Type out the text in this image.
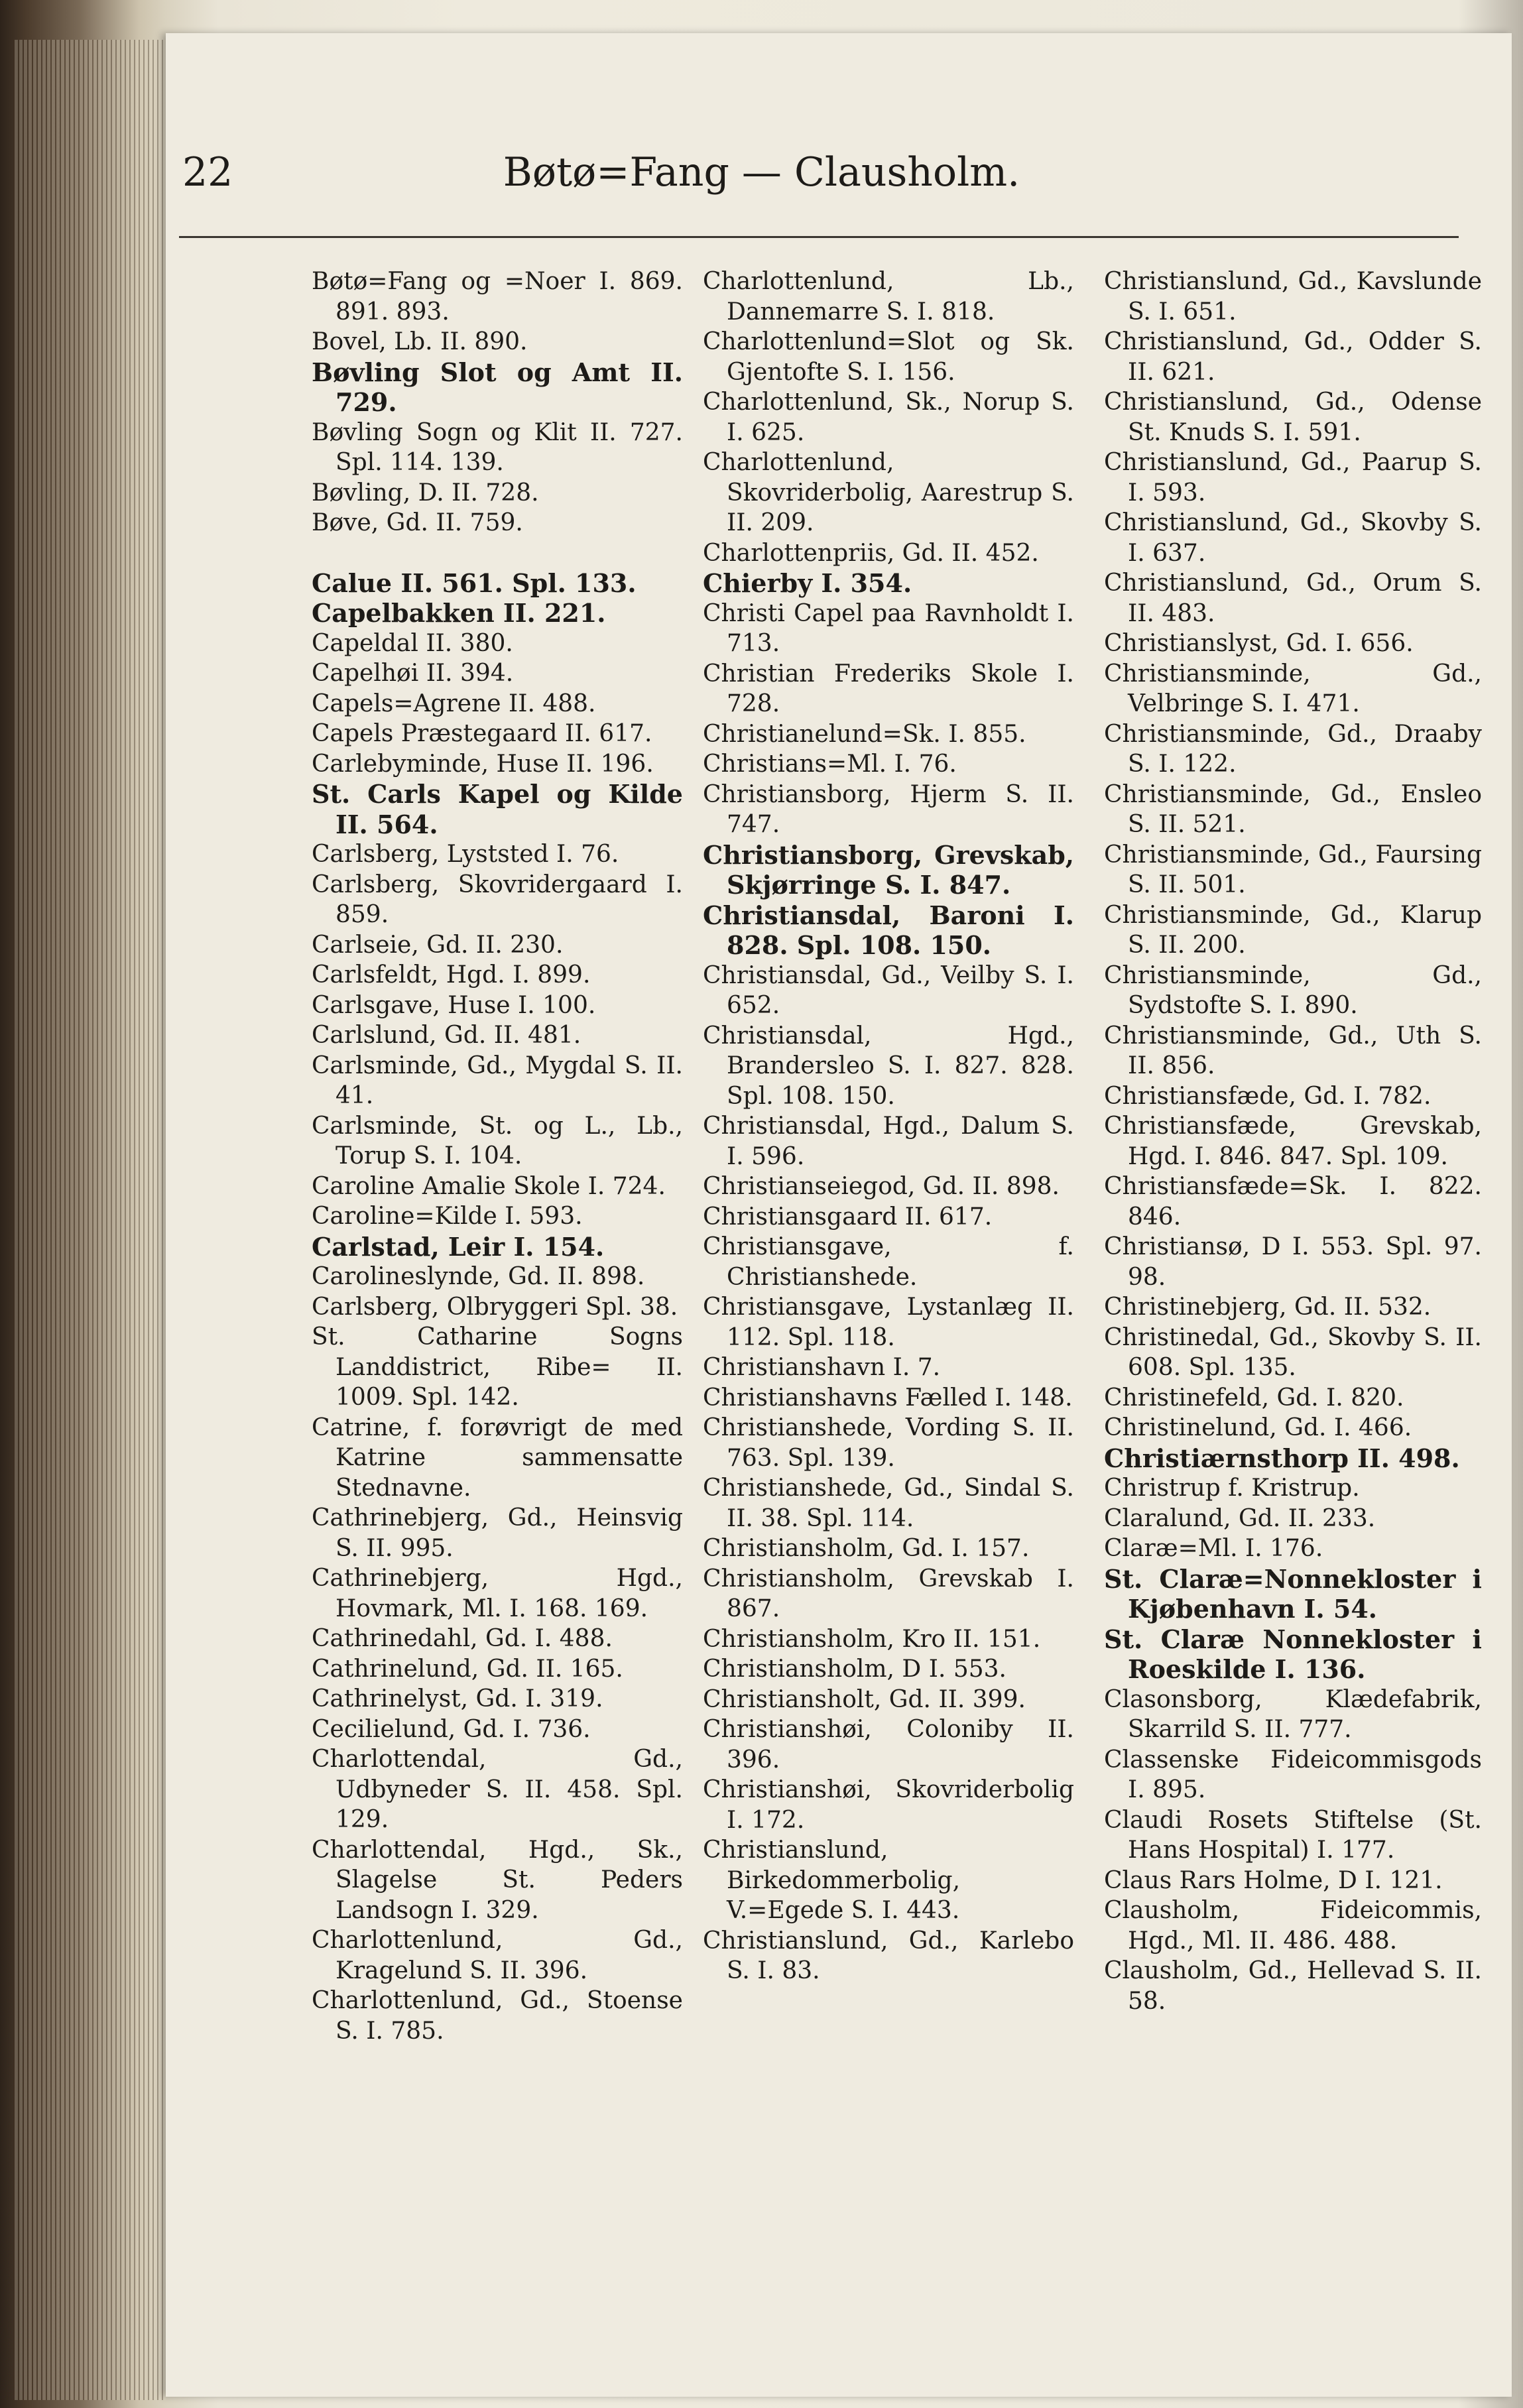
22	Bøtø=Fang — Clausholm.

Bøtø=Fang og =Noer I. 869. 891. 893.

Bovel, Lb. II. 890.

Bøvling Slot og Amt II. 729.

Bøvling Sogn og Klit II. 727. Spl. 114. 139.

Bøvling, D. II. 728.

Bøve, Gd. II. 759.

Calue II. 561. Spl. 133.

Capelbakken II. 221.

Capeldal II. 380.

Capelhøi II. 394.

Capels=Agrene II. 488.

Capels Præstegaard II. 617.

Carlebyminde, Huse II. 196.

St. Carls Kapel og Kilde II. 564.

Carlsberg, Lyststed I. 76.

Carlsberg, Skovridergaard I. 859.

Carlseie, Gd. II. 230.

Carlsfeldt, Hgd. I. 899.

Carlsgave, Huse I. 100.

Carlslund, Gd. II. 481.

Carlsminde, Gd., Mygdal S. II. 41.

Carlsminde, St. og L., Lb., Torup S. I. 104.

Caroline Amalie Skole I. 724.

Caroline=Kilde I. 593.

Carlstad, Leir I. 154.

Carolineslynde, Gd. II. 898.

Carlsberg, Olbryggeri Spl. 38.

St. Catharine Sogns Landdistrict, Ribe= II. 1009. Spl. 142.

Catrine, f. forøvrigt de med Katrine sammensatte Stednavne.

Cathrinebjerg, Gd., Heinsvig S. II. 995.

Cathrinebjerg, Hgd., Hovmark, Ml. I. 168. 169.

Cathrinedahl, Gd. I. 488.

Cathrinelund, Gd. II. 165.

Cathrinelyst, Gd. I. 319.

Cecilielund, Gd. I. 736.

Charlottendal, Gd., Udbyneder S. II. 458. Spl. 129.

Charlottendal, Hgd., Sk., Slagelse St. Peders Landsogn I. 329.

Charlottenlund, Gd., Kragelund S. II. 396.

Charlottenlund, Gd., Stoense S. I. 785.

Charlottenlund, Lb., Dannemarre S. I. 818.

Charlottenlund=Slot og Sk. Gjentofte S. I. 156.

Charlottenlund, Sk., Norup S. I. 625.

Charlottenlund, Skovriderbolig, Aarestrup S. II. 209.

Charlottenpriis, Gd. II. 452.

Chierby I. 354.

Christi Capel paa Ravnholdt I. 713.

Christian Frederiks Skole I. 728.

Christianelund=Sk. I. 855.

Christians=Ml. I. 76.

Christiansborg, Hjerm S. II. 747.

Christiansborg, Grevskab, Skjørringe S. I. 847.

Christiansdal, Baroni I. 828. Spl. 108. 150.

Christiansdal, Gd., Veilby S. I. 652.

Christiansdal, Hgd., Brandersleo S. I. 827. 828. Spl. 108. 150.

Christiansdal, Hgd., Dalum S. I. 596.

Christianseiegod, Gd. II. 898.

Christiansgaard II. 617.

Christiansgave, f. Christianshede.

Christiansgave, Lystanlæg II. 112. Spl. 118.

Christianshavn I. 7.

Christianshavns Fælled I. 148.

Christianshede, Vording S. II. 763. Spl. 139.

Christianshede, Gd., Sindal S. II. 38. Spl. 114.

Christiansholm, Gd. I. 157.

Christiansholm, Grevskab I. 867.

Christiansholm, Kro II. 151.

Christiansholm, D I. 553.

Christiansholt, Gd. II. 399.

Christianshøi, Coloniby II. 396.

Christianshøi, Skovriderbolig I. 172.

Christianslund, Birkedommerbolig, V.=Egede S. I. 443.

Christianslund, Gd., Karlebo S. I. 83.

Christianslund, Gd., Kavslunde S. I. 651.

Christianslund, Gd., Odder S. II. 621.

Christianslund, Gd., Odense St. Knuds S. I. 591.

Christianslund, Gd., Paarup S. I. 593.

Christianslund, Gd., Skovby S. I. 637.

Christianslund, Gd., Orum S. II. 483.

Christianslyst, Gd. I. 656.

Christiansminde, Gd., Velbringe S. I. 471.

Christiansminde, Gd., Draaby S. I. 122.

Christiansminde, Gd., Ensleo S. II. 521.

Christiansminde, Gd., Faursing S. II. 501.

Christiansminde, Gd., Klarup S. II. 200.

Christiansminde, Gd., Sydstofte S. I. 890.

Christiansminde, Gd., Uth S. II. 856.

Christiansfæde, Gd. I. 782.

Christiansfæde, Grevskab, Hgd. I. 846. 847. Spl. 109.

Christiansfæde=Sk. I. 822. 846.

Christiansø, D I. 553. Spl. 97. 98.

Christinebjerg, Gd. II. 532.

Christinedal, Gd., Skovby S. II. 608. Spl. 135.

Christinefeld, Gd. I. 820.

Christinelund, Gd. I. 466.

Christiærnsthorp II. 498.

Christrup f. Kristrup.

Claralund, Gd. II. 233.

Claræ=Ml. I. 176.

St. Claræ=Nonnekloster i Kjøbenhavn I. 54.

St. Claræ Nonnekloster i Roeskilde I. 136.

Clasonsborg, Klædefabrik, Skarrild S. II. 777.

Classenske Fideicommisgods I. 895.

Claudi Rosets Stiftelse (St. Hans Hospital) I. 177.

Claus Rars Holme, D I. 121.

Clausholm, Fideicommis, Hgd., Ml. II. 486. 488.

Clausholm, Gd., Hellevad S. II. 58.
